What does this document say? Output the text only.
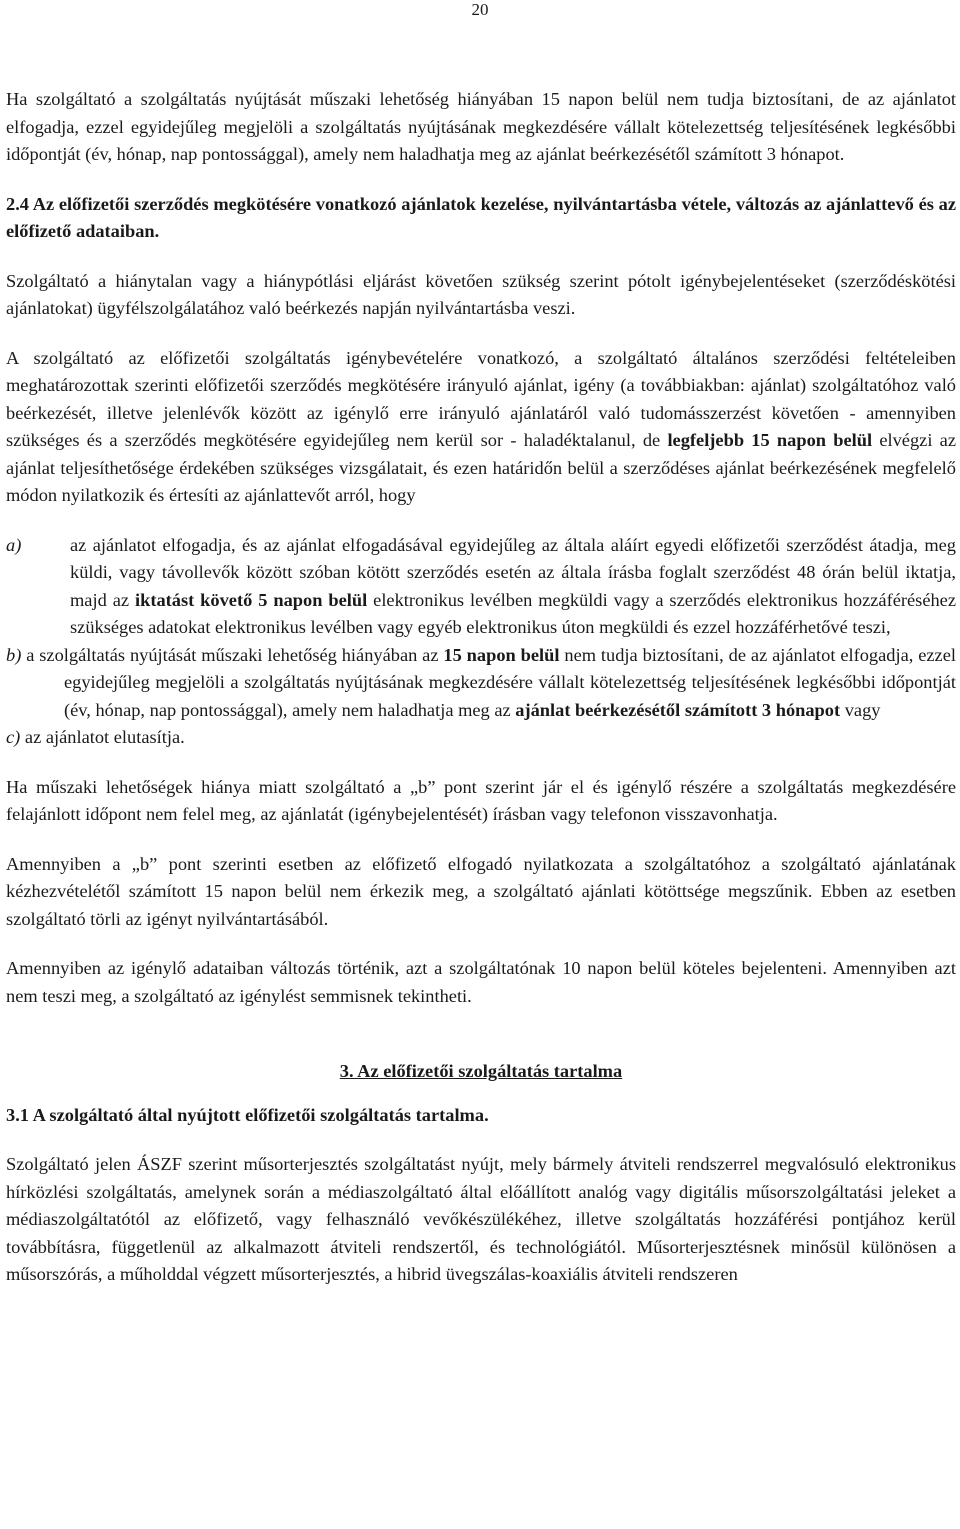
20

Ha szolgáltató a szolgáltatás nyújtását műszaki lehetőség hiányában 15 napon belül nem tudja biztosítani, de az ajánlatot elfogadja, ezzel egyidejűleg megjelöli a szolgáltatás nyújtásának megkezdésére vállalt kötelezettség teljesítésének legkésőbbi időpontját (év, hónap, nap pontossággal), amely nem haladhatja meg az ajánlat beérkezésétől számított 3 hónapot.

2.4 Az előfizetői szerződés megkötésére vonatkozó ajánlatok kezelése, nyilvántartásba vétele, változás az ajánlattevő és az előfizető adataiban.

Szolgáltató a hiánytalan vagy a hiánypótlási eljárást követően szükség szerint pótolt igénybejelentéseket (szerződéskötési ajánlatokat) ügyfélszolgálatához való beérkezés napján nyilvántartásba veszi.

A szolgáltató az előfizetői szolgáltatás igénybevételére vonatkozó, a szolgáltató általános szerződési feltételeiben meghatározottak szerinti előfizetői szerződés megkötésére irányuló ajánlat, igény (a továbbiakban: ajánlat) szolgáltatóhoz való beérkezését, illetve jelenlévők között az igénylő erre irányuló ajánlatáról való tudomásszerzést követően - amennyiben szükséges és a szerződés megkötésére egyidejűleg nem kerül sor - haladéktalanul, de legfeljebb 15 napon belül elvégzi az ajánlat teljesíthetősége érdekében szükséges vizsgálatait, és ezen határidőn belül a szerződéses ajánlat beérkezésének megfelelő módon nyilatkozik és értesíti az ajánlattevőt arról, hogy

a)	az ajánlatot elfogadja, és az ajánlat elfogadásával egyidejűleg az általa aláírt egyedi előfizetői szerződést átadja, meg küldi, vagy távollevők között szóban kötött szerződés esetén az általa írásba foglalt szerződést 48 órán belül iktatja, majd az iktatást követő 5 napon belül elektronikus levélben megküldi vagy a szerződés elektronikus hozzáféréséhez szükséges adatokat elektronikus levélben vagy egyéb elektronikus úton megküldi és ezzel hozzáférhetővé teszi,
b) a szolgáltatás nyújtását műszaki lehetőség hiányában az 15 napon belül nem tudja biztosítani, de az ajánlatot elfogadja, ezzel egyidejűleg megjelöli a szolgáltatás nyújtásának megkezdésére vállalt kötelezettség teljesítésének legkésőbbi időpontját (év, hónap, nap pontossággal), amely nem haladhatja meg az ajánlat beérkezésétől számított 3 hónapot vagy
c) az ajánlatot elutasítja.

Ha műszaki lehetőségek hiánya miatt szolgáltató a „b” pont szerint jár el és igénylő részére a szolgáltatás megkezdésére felajánlott időpont nem felel meg, az ajánlatát (igénybejelentését) írásban vagy telefonon visszavonhatja.

Amennyiben a „b” pont szerinti esetben az előfizető elfogadó nyilatkozata a szolgáltatóhoz a szolgáltató ajánlatának kézhezvételétől számított 15 napon belül nem érkezik meg, a szolgáltató ajánlati kötöttsége megszűnik. Ebben az esetben szolgáltató törli az igényt nyilvántartásából.

Amennyiben az igénylő adataiban változás történik, azt a szolgáltatónak 10 napon belül köteles bejelenteni. Amennyiben azt nem teszi meg, a szolgáltató az igénylést semmisnek tekintheti.

3. Az előfizetői szolgáltatás tartalma

3.1 A szolgáltató által nyújtott előfizetői szolgáltatás tartalma.

Szolgáltató jelen ÁSZF szerint műsorterjesztés szolgáltatást nyújt, mely bármely átviteli rendszerrel megvalósuló elektronikus hírközlési szolgáltatás, amelynek során a médiaszolgáltató által előállított analóg vagy digitális műsorszolgáltatási jeleket a médiaszolgáltatótól az előfizető, vagy felhasználó vevőkészülékéhez, illetve szolgáltatás hozzáférési pontjához kerül továbbításra, függetlenül az alkalmazott átviteli rendszertől, és technológiától. Műsorterjesztésnek minősül különösen a műsorszórás, a műholddal végzett műsorterjesztés, a hibrid üvegszálas-koaxiális átviteli rendszeren
